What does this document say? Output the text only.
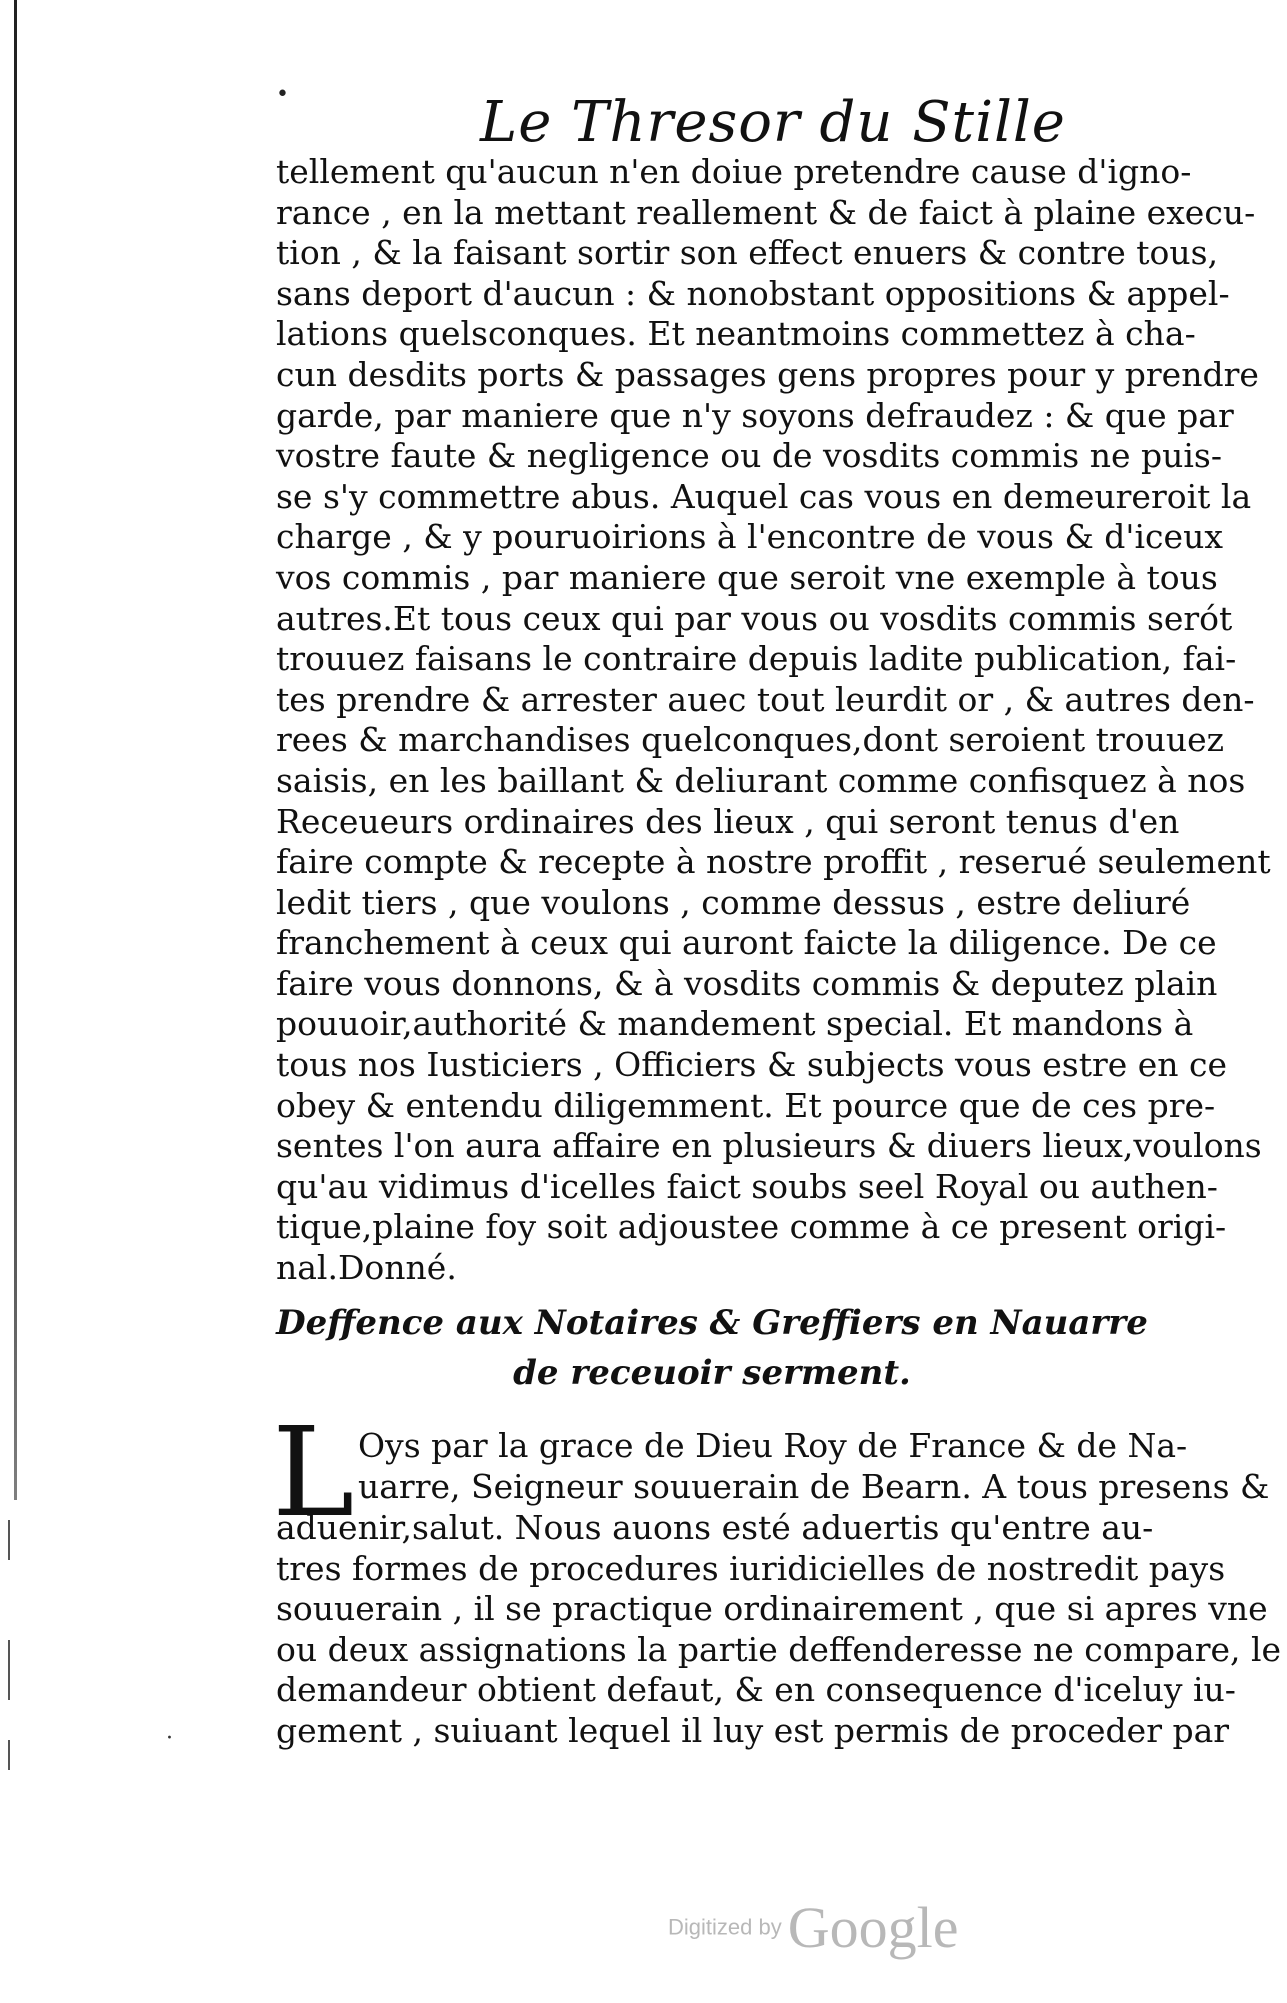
•	Le Thresor du Stille
tellement qu'aucun n'en doiue pretendre cause d'igno-
rance , en la mettant reallement & de faict à plaine execu-
tion , & la faisant sortir son effect enuers & contre tous,
sans deport d'aucun : & nonobstant oppositions & appel-
lations quelsconques. Et neantmoins commettez à cha-
cun desdits ports & passages gens propres pour y prendre
garde, par maniere que n'y soyons defraudez : & que par
vostre faute & negligence ou de vosdits commis ne puis-
se s'y commettre abus. Auquel cas vous en demeureroit la
charge , & y pouruoirions à l'encontre de vous & d'iceux
vos commis , par maniere que seroit vne exemple à tous
autres.Et tous ceux qui par vous ou vosdits commis serót
trouuez faisans le contraire depuis ladite publication, fai-
tes prendre & arrester auec tout leurdit or , & autres den-
rees & marchandises quelconques,dont seroient trouuez
saisis, en les baillant & deliurant comme confisquez à nos
Receueurs ordinaires des lieux , qui seront tenus d'en
faire compte & recepte à nostre proffit , reserué seulement
ledit tiers , que voulons , comme dessus , estre deliuré
franchement à ceux qui auront faicte la diligence. De ce
faire vous donnons, & à vosdits commis & deputez plain
pouuoir,authorité & mandement special. Et mandons à
tous nos Iusticiers , Officiers & subjects vous estre en ce
obey & entendu diligemment. Et pource que de ces pre-
sentes l'on aura affaire en plusieurs & diuers lieux,voulons
qu'au vidimus d'icelles faict soubs seel Royal ou authen-
tique,plaine foy soit adjoustee comme à ce present origi-
nal.Donné.
Deffence aux Notaires & Greffiers en Nauarre
de receuoir serment.
L Oys par la grace de Dieu Roy de France & de Na-
uarre, Seigneur souuerain de Bearn. A tous presens &
aduenir,salut. Nous auons esté aduertis qu'entre au-
tres formes de procedures iuridicielles de nostredit pays
souuerain , il se practique ordinairement , que si apres vne
ou deux assignations la partie deffenderesse ne compare, le
demandeur obtient defaut, & en consequence d'iceluy iu-
gement , suiuant lequel il luy est permis de proceder par
·
Digitized by Google
